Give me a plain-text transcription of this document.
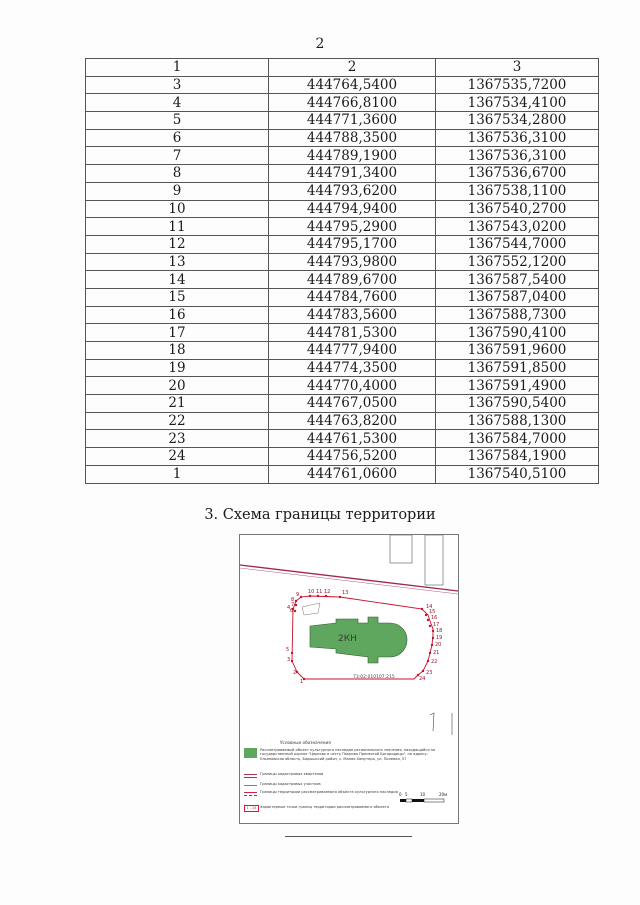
2
1	2	3
3	444764,5400	1367535,7200
4	444766,8100	1367534,4100
5	444771,3600	1367534,2800
6	444788,3500	1367536,3100
7	444789,1900	1367536,3100
8	444791,3400	1367536,6700
9	444793,6200	1367538,1100
10	444794,9400	1367540,2700
11	444795,2900	1367543,0200
12	444795,1700	1367544,7000
13	444793,9800	1367552,1200
14	444789,6700	1367587,5400
15	444784,7600	1367587,0400
16	444783,5600	1367588,7300
17	444781,5300	1367590,4100
18	444777,9400	1367591,9600
19	444774,3500	1367591,8500
20	444770,4000	1367591,4900
21	444767,0500	1367590,5400
22	444763,8200	1367588,1300
23	444761,5300	1367584,7000
24	444756,5200	1367584,1900
1	444761,0600	1367540,5100
3. Схема границы территории
2КН
73:02:010107:215
1
2
3
4
5
6
7
8
9 10 11 12 13
14
15
16
17
18
19
20
21
22
23
24
Условные обозначения
Рассматриваемый объект культурного наследия регионального значения, находящийся по государственной охране "Церковь в честь Покрова Пресвятой Богородицы", по адресу: Ульяновская область, Барышский район, с. Малая Хомутерь, ул. Полевая, 57
Границы кадастровых кварталов
Границы кадастровых участков
Границы территории рассматриваемого объекта культурного наследия
1 - 24 Характерные точки границ территории рассматриваемого объекта
0 5	10	20м
